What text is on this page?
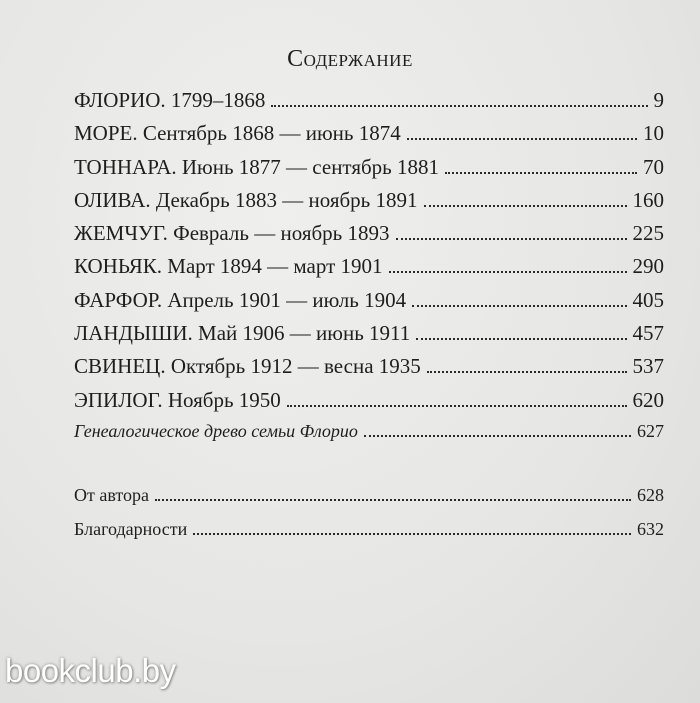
Содержание
ФЛОРИО. 1799–1868	9
МОРЕ. Сентябрь 1868 — июнь 1874	10
ТОННАРА. Июнь 1877 — сентябрь 1881	70
ОЛИВА. Декабрь 1883 — ноябрь 1891	160
ЖЕМЧУГ. Февраль — ноябрь 1893	225
КОНЬЯК. Март 1894 — март 1901	290
ФАРФОР. Апрель 1901 — июль 1904	405
ЛАНДЫШИ. Май 1906 — июнь 1911	457
СВИНЕЦ. Октябрь 1912 — весна 1935	537
ЭПИЛОГ. Ноябрь 1950	620
Генеалогическое древо семьи Флорио	627
От автора	628
Благодарности	632
bookclub.by
